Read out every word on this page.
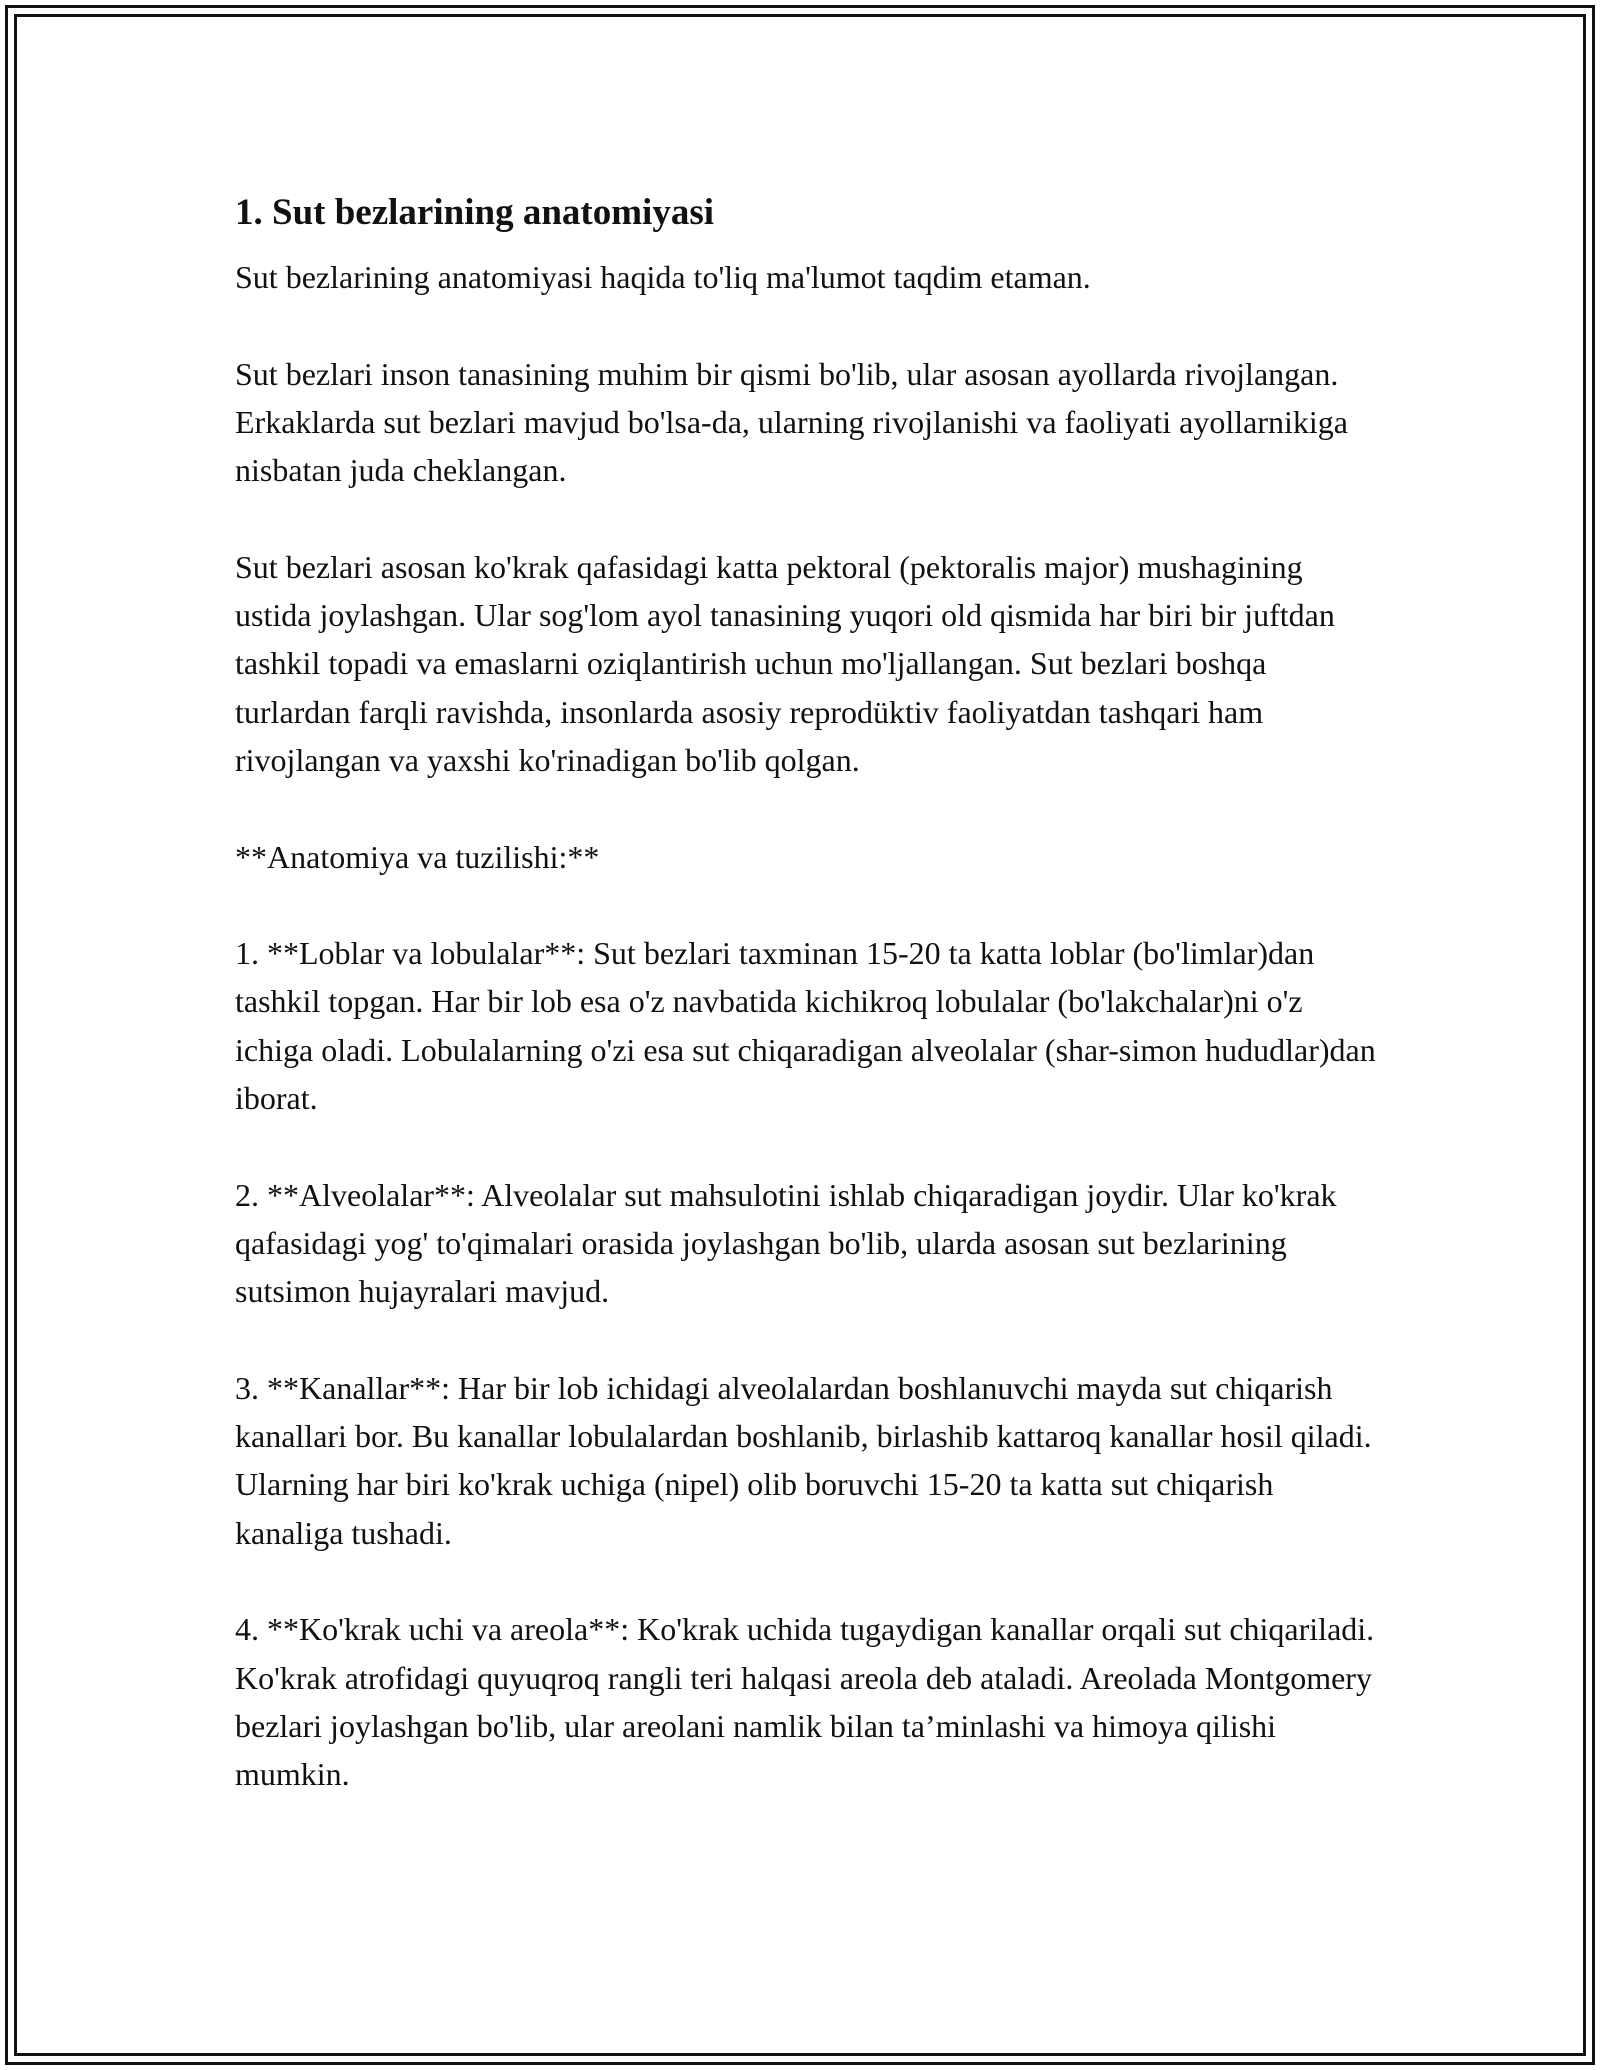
1. Sut bezlarining anatomiyasi

Sut bezlarining anatomiyasi haqida to'liq ma'lumot taqdim etaman.

Sut bezlari inson tanasining muhim bir qismi bo'lib, ular asosan ayollarda rivojlangan. Erkaklarda sut bezlari mavjud bo'lsa-da, ularning rivojlanishi va faoliyati ayollarnikiga nisbatan juda cheklangan.

Sut bezlari asosan ko'krak qafasidagi katta pektoral (pektoralis major) mushagining ustida joylashgan. Ular sog'lom ayol tanasining yuqori old qismida har biri bir juftdan tashkil topadi va emaslarni oziqlantirish uchun mo'ljallangan. Sut bezlari boshqa turlardan farqli ravishda, insonlarda asosiy reprodüktiv faoliyatdan tashqari ham rivojlangan va yaxshi ko'rinadigan bo'lib qolgan.

**Anatomiya va tuzilishi:**

1. **Loblar va lobulalar**: Sut bezlari taxminan 15-20 ta katta loblar (bo'limlar)dan tashkil topgan. Har bir lob esa o'z navbatida kichikroq lobulalar (bo'lakchalar)ni o'z ichiga oladi. Lobulalarning o'zi esa sut chiqaradigan alveolalar (shar-simon hududlar)dan iborat.

2. **Alveolalar**: Alveolalar sut mahsulotini ishlab chiqaradigan joydir. Ular ko'krak qafasidagi yog' to'qimalari orasida joylashgan bo'lib, ularda asosan sut bezlarining sutsimon hujayralari mavjud.

3. **Kanallar**: Har bir lob ichidagi alveolalardan boshlanuvchi mayda sut chiqarish kanallari bor. Bu kanallar lobulalardan boshlanib, birlashib kattaroq kanallar hosil qiladi. Ularning har biri ko'krak uchiga (nipel) olib boruvchi 15-20 ta katta sut chiqarish kanaliga tushadi.

4. **Ko'krak uchi va areola**: Ko'krak uchida tugaydigan kanallar orqali sut chiqariladi. Ko'krak atrofidagi quyuqroq rangli teri halqasi areola deb ataladi. Areolada Montgomery bezlari joylashgan bo'lib, ular areolani namlik bilan ta’minlashi va himoya qilishi mumkin.
